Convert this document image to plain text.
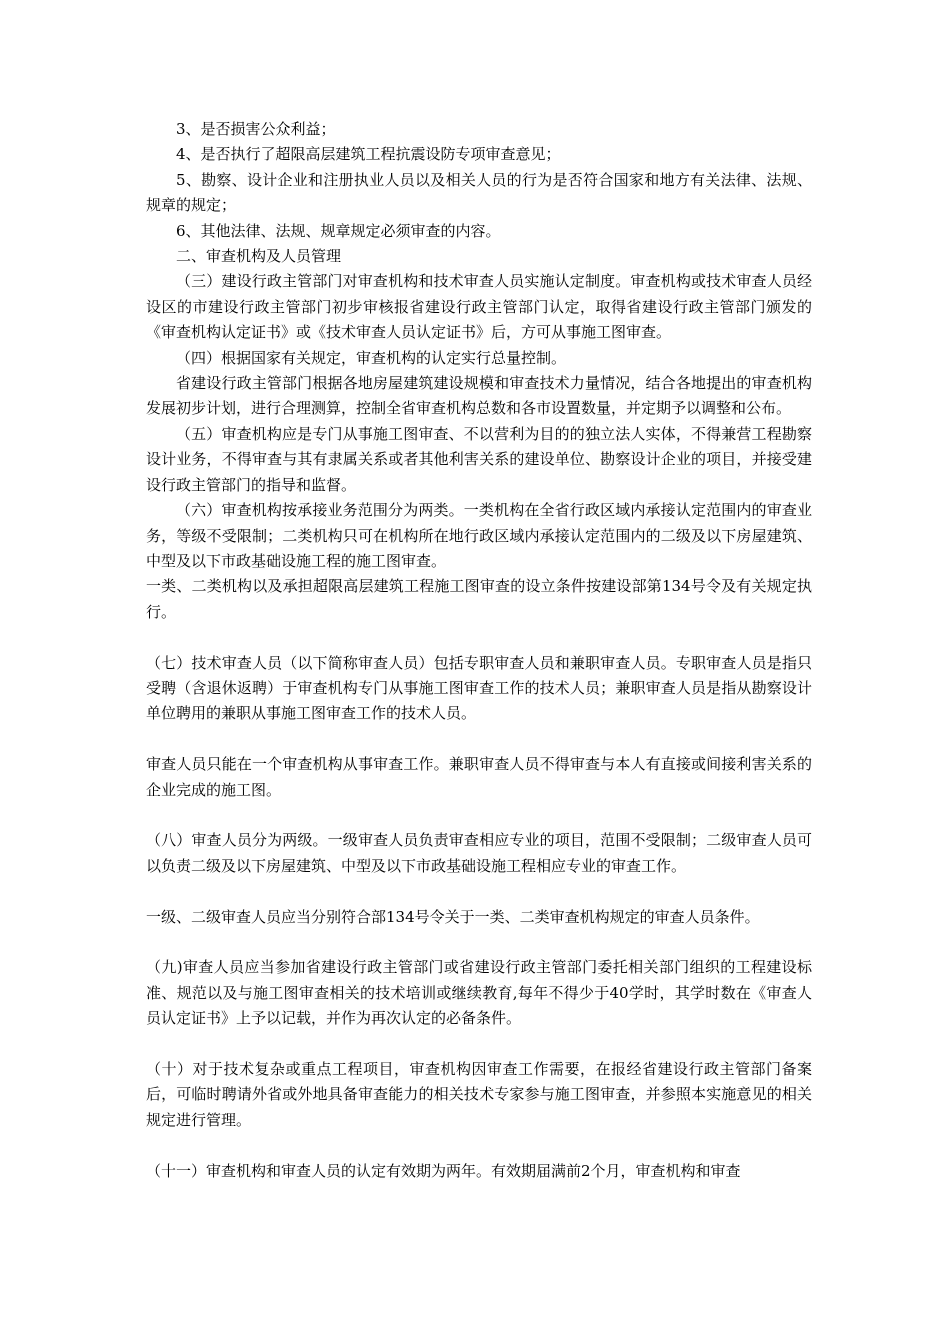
3、是否损害公众利益；

4、是否执行了超限高层建筑工程抗震设防专项审查意见；

5、勘察、设计企业和注册执业人员以及相关人员的行为是否符合国家和地方有关法律、法规、规章的规定；

6、其他法律、法规、规章规定必须审查的内容。

二、审查机构及人员管理

（三）建设行政主管部门对审查机构和技术审查人员实施认定制度。审查机构或技术审查人员经设区的市建设行政主管部门初步审核报省建设行政主管部门认定，取得省建设行政主管部门颁发的《审查机构认定证书》或《技术审查人员认定证书》后，方可从事施工图审查。

（四）根据国家有关规定，审查机构的认定实行总量控制。

省建设行政主管部门根据各地房屋建筑建设规模和审查技术力量情况，结合各地提出的审查机构发展初步计划，进行合理测算，控制全省审查机构总数和各市设置数量，并定期予以调整和公布。

（五）审查机构应是专门从事施工图审查、不以营利为目的的独立法人实体，不得兼营工程勘察设计业务，不得审查与其有隶属关系或者其他利害关系的建设单位、勘察设计企业的项目，并接受建设行政主管部门的指导和监督。

（六）审查机构按承接业务范围分为两类。一类机构在全省行政区域内承接认定范围内的审查业务，等级不受限制；二类机构只可在机构所在地行政区域内承接认定范围内的二级及以下房屋建筑、中型及以下市政基础设施工程的施工图审查。

一类、二类机构以及承担超限高层建筑工程施工图审查的设立条件按建设部第134号令及有关规定执行。

（七）技术审查人员（以下简称审查人员）包括专职审查人员和兼职审查人员。专职审查人员是指只受聘（含退休返聘）于审查机构专门从事施工图审查工作的技术人员；兼职审查人员是指从勘察设计单位聘用的兼职从事施工图审查工作的技术人员。

审查人员只能在一个审查机构从事审查工作。兼职审查人员不得审查与本人有直接或间接利害关系的企业完成的施工图。

（八）审查人员分为两级。一级审查人员负责审查相应专业的项目，范围不受限制；二级审查人员可以负责二级及以下房屋建筑、中型及以下市政基础设施工程相应专业的审查工作。

一级、二级审查人员应当分别符合部134号令关于一类、二类审查机构规定的审查人员条件。

（九)审查人员应当参加省建设行政主管部门或省建设行政主管部门委托相关部门组织的工程建设标准、规范以及与施工图审查相关的技术培训或继续教育,每年不得少于40学时，其学时数在《审查人员认定证书》上予以记载，并作为再次认定的必备条件。

（十）对于技术复杂或重点工程项目，审查机构因审查工作需要，在报经省建设行政主管部门备案后，可临时聘请外省或外地具备审查能力的相关技术专家参与施工图审查，并参照本实施意见的相关规定进行管理。

（十一）审查机构和审查人员的认定有效期为两年。有效期届满前2个月，审查机构和审查
